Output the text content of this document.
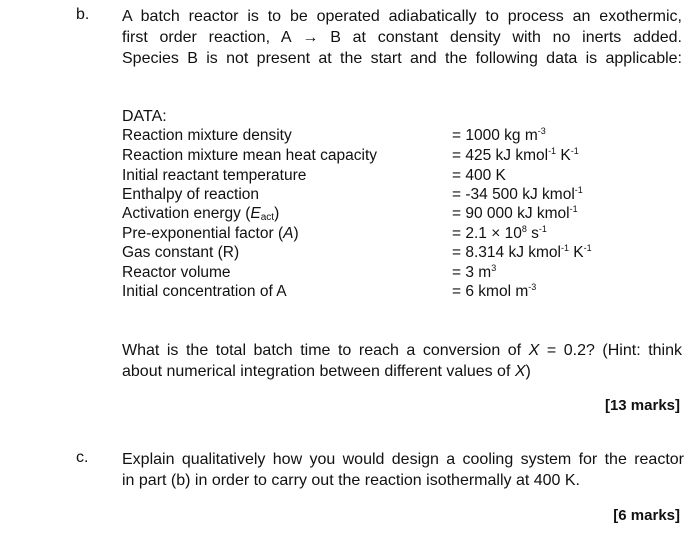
b. A batch reactor is to be operated adiabatically to process an exothermic,
first order reaction, A → B at constant density with no inerts added.
Species B is not present at the start and the following data is applicable:
DATA:
Reaction mixture density	= 1000 kg $m^{-3}$
Reaction mixture mean heat capacity	= 425 kJ kmol$^{-1}$ $K^{-1}$
Initial reactant temperature	= 400 K
Enthalpy of reaction	= -34 500 kJ kmol$^{-1}$
Activation energy $(E_{act})$	= 90 000 kJ kmol$^{-1}$
Pre-exponential factor (A)	= $2.1 \times 10^8$ $s^{-1}$
Gas constant (R)	= 8.314 kJ kmol$^{-1}$ $K^{-1}$
Reactor volume	= 3 $m^3$
Initial concentration of A	= 6 kmol $m^{-3}$
What is the total batch time to reach a conversion of X = 0.2? (Hint: think
about numerical integration between different values of X)
[13 marks]
c. Explain qualitatively how you would design a cooling system for the reactor
in part (b) in order to carry out the reaction isothermally at 400 K.
[6 marks]
